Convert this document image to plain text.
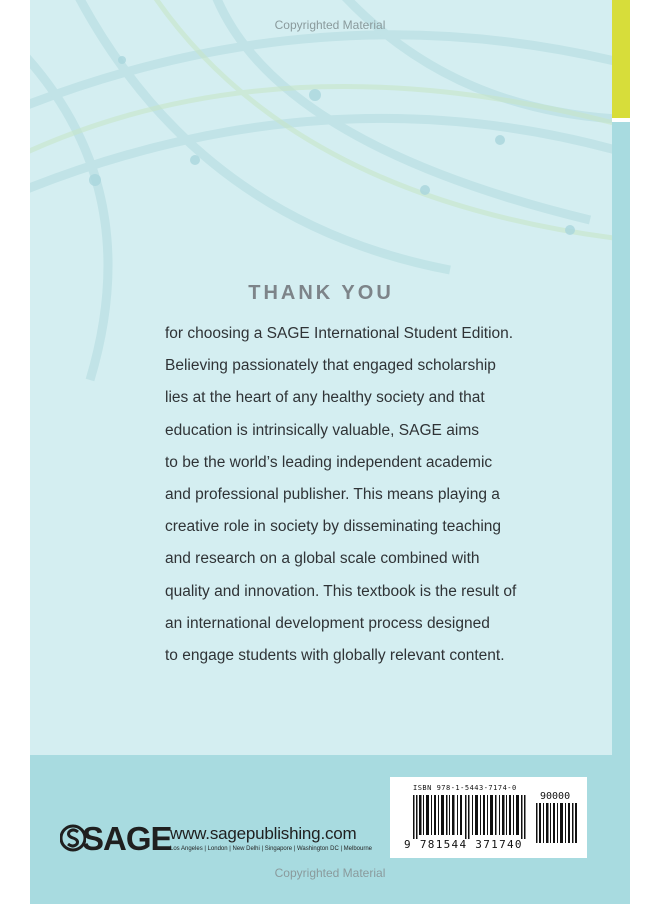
Copyrighted Material
THANK YOU
for choosing a SAGE International Student Edition.
Believing passionately that engaged scholarship
lies at the heart of any healthy society and that
education is intrinsically valuable, SAGE aims
to be the world’s leading independent academic
and professional publisher. This means playing a
creative role in society by disseminating teaching
and research on a global scale combined with
quality and innovation. This textbook is the result of
an international development process designed
to engage students with globally relevant content.
SAGE
www.sagepublishing.com
Los Angeles | London | New Delhi | Singapore | Washington DC | Melbourne
ISBN 978-1-5443-7174-0
90000
9 781544 371740
Copyrighted Material
